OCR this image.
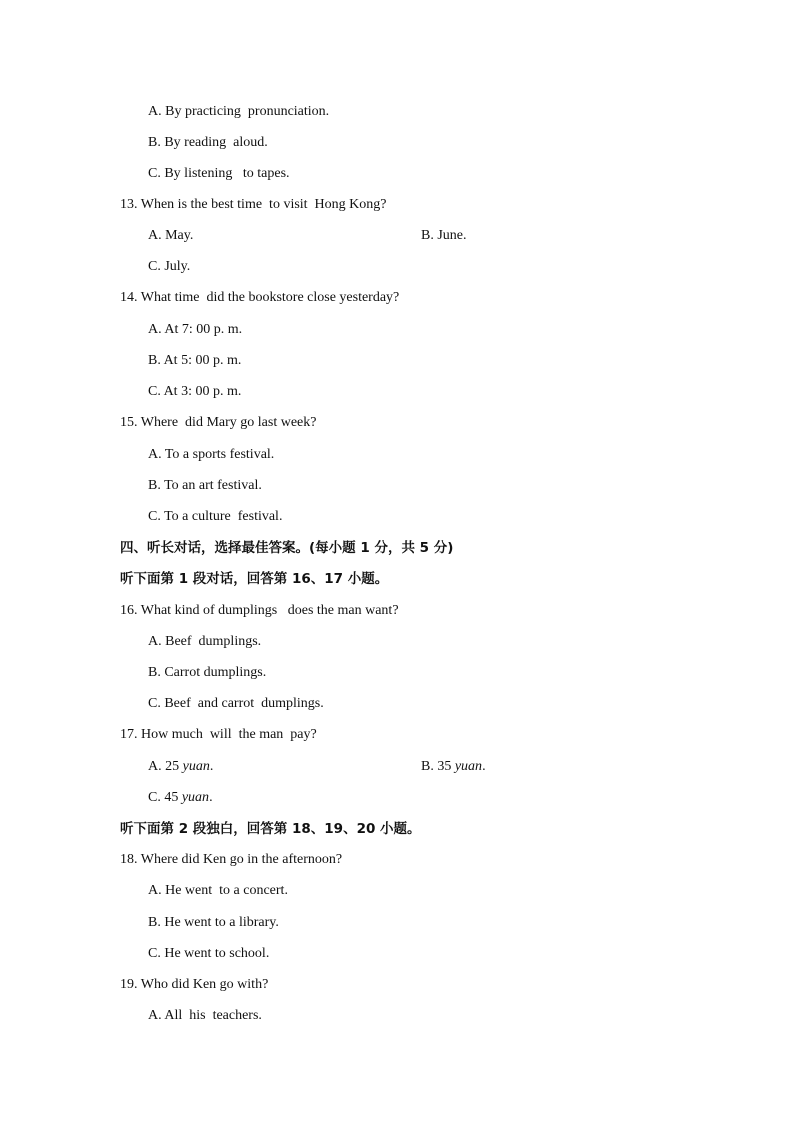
A. By practicing  pronunciation.
B. By reading  aloud.
C. By listening   to tapes.
13. When is the best time  to visit  Hong Kong?
A. May.	B. June.
C. July.
14. What time  did the bookstore close yesterday?
A. At 7: 00 p. m.
B. At 5: 00 p. m.
C. At 3: 00 p. m.
15. Where  did Mary go last week?
A. To a sports festival.
B. To an art festival.
C. To a culture  festival.
四、听长对话，选择最佳答案。(每小题 1 分，共 5 分)
听下面第 1 段对话，回答第 16、17 小题。
16. What kind of dumplings   does the man want?
A. Beef  dumplings.
B. Carrot dumplings.
C. Beef  and carrot  dumplings.
17. How much  will  the man  pay?
A. 25 yuan.	B. 35 yuan.
C. 45 yuan.
听下面第 2 段独白，回答第 18、19、20 小题。
18. Where did Ken go in the afternoon?
A. He went  to a concert.
B. He went to a library.
C. He went to school.
19. Who did Ken go with?
A. All  his  teachers.
